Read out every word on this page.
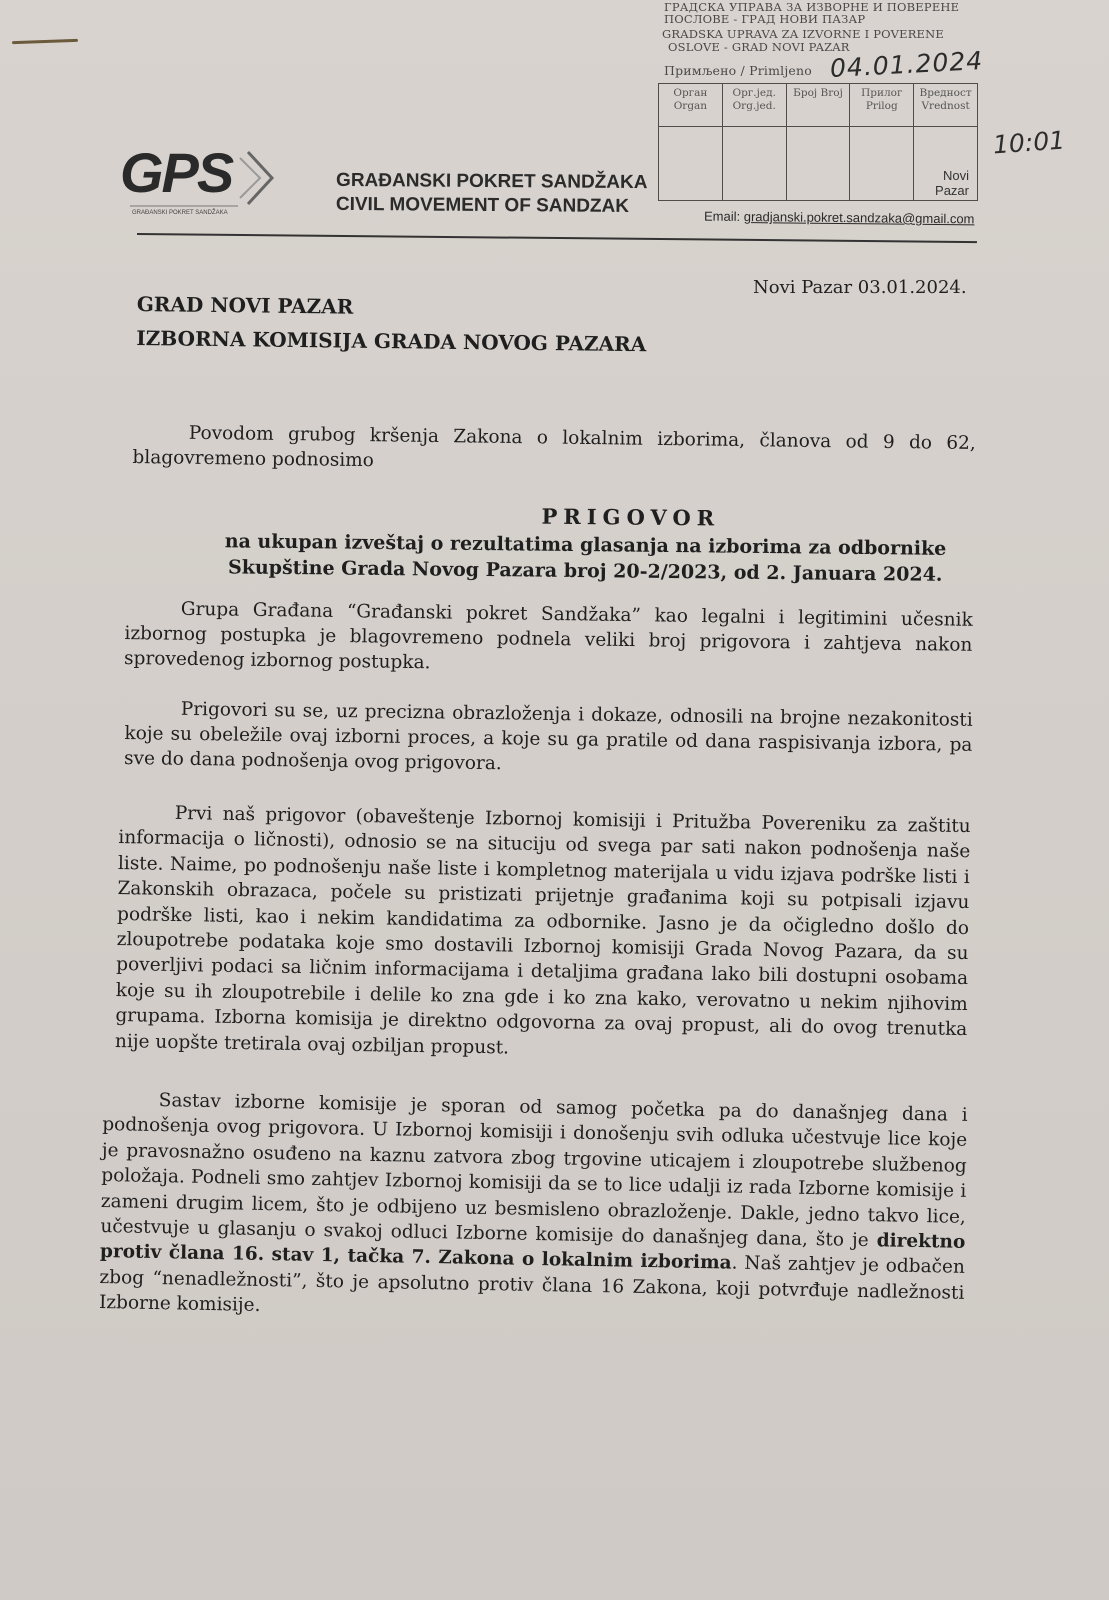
ГРАДСКА УПРАВА ЗА ИЗВОРНЕ И ПОВЕРЕНЕ
ПОСЛОВЕ - ГРАД НОВИ ПАЗАР
GRADSKA UPRAVA ZA IZVORNE I POVERENE
OSLOVE - GRAD NOVI PAZAR
Примљено / Primljeno 04.01.2024
Орган Organ	Орг.јед. Org.jed.	Број Broj	Прилог Prilog	Вредност Vrednost
				Novi Pazar
10:01
GPS
GRAĐANSKI POKRET SANDŽAKA
GRAĐANSKI POKRET SANDŽAKA
CIVIL MOVEMENT OF SANDZAK	Email: gradjanski.pokret.sandzaka@gmail.com
Novi Pazar 03.01.2024.
GRAD NOVI PAZAR
IZBORNA KOMISIJA GRADA NOVOG PAZARA
Povodom grubog kršenja Zakona o lokalnim izborima, članova od 9 do 62, blagovremeno podnosimo
PRIGOVOR
na ukupan izveštaj o rezultatima glasanja na izborima za odbornike Skupštine Grada Novog Pazara broj 20-2/2023, od 2. Januara 2024.
Grupa Građana “Građanski pokret Sandžaka” kao legalni i legitimini učesnik izbornog postupka je blagovremeno podnela veliki broj prigovora i zahtjeva nakon sprovedenog izbornog postupka.
Prigovori su se, uz precizna obrazloženja i dokaze, odnosili na brojne nezakonitosti koje su obeležile ovaj izborni proces, a koje su ga pratile od dana raspisivanja izbora, pa sve do dana podnošenja ovog prigovora.
Prvi naš prigovor (obaveštenje Izbornoj komisiji i Pritužba Povereniku za zaštitu informacija o ličnosti), odnosio se na situciju od svega par sati nakon podnošenja naše liste. Naime, po podnošenju naše liste i kompletnog materijala u vidu izjava podrške listi i Zakonskih obrazaca, počele su pristizati prijetnje građanima koji su potpisali izjavu podrške listi, kao i nekim kandidatima za odbornike. Jasno je da očigledno došlo do zloupotrebe podataka koje smo dostavili Izbornoj komisiji Grada Novog Pazara, da su poverljivi podaci sa ličnim informacijama i detaljima građana lako bili dostupni osobama koje su ih zloupotrebile i delile ko zna gde i ko zna kako, verovatno u nekim njihovim grupama. Izborna komisija je direktno odgovorna za ovaj propust, ali do ovog trenutka nije uopšte tretirala ovaj ozbiljan propust.
Sastav izborne komisije je sporan od samog početka pa do današnjeg dana i podnošenja ovog prigovora. U Izbornoj komisiji i donošenju svih odluka učestvuje lice koje je pravosnažno osuđeno na kaznu zatvora zbog trgovine uticajem i zloupotrebe službenog položaja. Podneli smo zahtjev Izbornoj komisiji da se to lice udalji iz rada Izborne komisije i zameni drugim licem, što je odbijeno uz besmisleno obrazloženje. Dakle, jedno takvo lice, učestvuje u glasanju o svakoj odluci Izborne komisije do današnjeg dana, što je direktno protiv člana 16. stav 1, tačka 7. Zakona o lokalnim izborima. Naš zahtjev je odbačen zbog “nenadležnosti”, što je apsolutno protiv člana 16 Zakona, koji potvrđuje nadležnosti Izborne komisije.
